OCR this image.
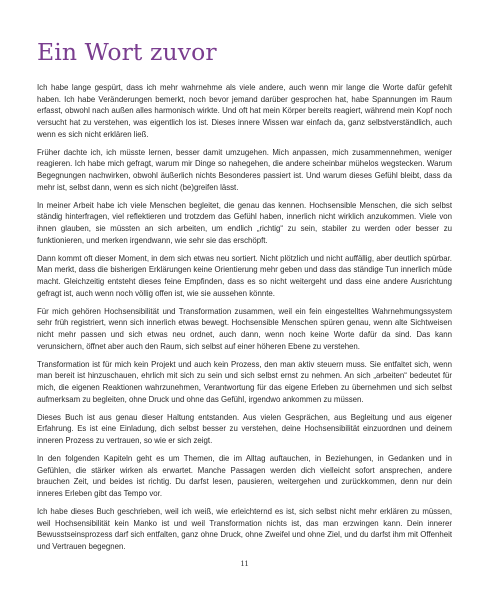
Ein Wort zuvor

Ich habe lange gespürt, dass ich mehr wahrnehme als viele andere, auch wenn mir lange die Worte dafür gefehlt haben. Ich habe Veränderungen bemerkt, noch bevor jemand darüber gesprochen hat, habe Spannungen im Raum erfasst, obwohl nach außen alles harmonisch wirkte. Und oft hat mein Körper bereits reagiert, während mein Kopf noch versucht hat zu verstehen, was eigentlich los ist. Dieses innere Wissen war einfach da, ganz selbstverständlich, auch wenn es sich nicht erklären ließ.

Früher dachte ich, ich müsste lernen, besser damit umzugehen. Mich anpassen, mich zusammennehmen, weniger reagieren. Ich habe mich gefragt, warum mir Dinge so nahegehen, die andere scheinbar mühelos wegstecken. Warum Begegnungen nachwirken, obwohl äußerlich nichts Besonderes passiert ist. Und warum dieses Gefühl bleibt, dass da mehr ist, selbst dann, wenn es sich nicht (be)greifen lässt.

In meiner Arbeit habe ich viele Menschen begleitet, die genau das kennen. Hochsensible Menschen, die sich selbst ständig hinterfragen, viel reflektieren und trotzdem das Gefühl haben, innerlich nicht wirklich anzukommen. Viele von ihnen glauben, sie müssten an sich arbeiten, um endlich „richtig“ zu sein, stabiler zu werden oder besser zu funktionieren, und merken irgendwann, wie sehr sie das erschöpft.

Dann kommt oft dieser Moment, in dem sich etwas neu sortiert. Nicht plötzlich und nicht auffällig, aber deutlich spürbar. Man merkt, dass die bisherigen Erklärungen keine Orientierung mehr geben und dass das ständige Tun innerlich müde macht. Gleichzeitig entsteht dieses feine Empfinden, dass es so nicht weitergeht und dass eine andere Ausrichtung gefragt ist, auch wenn noch völlig offen ist, wie sie aussehen könnte.

Für mich gehören Hochsensibilität und Transformation zusammen, weil ein fein eingestelltes Wahrnehmungssystem sehr früh registriert, wenn sich innerlich etwas bewegt. Hochsensible Menschen spüren genau, wenn alte Sichtweisen nicht mehr passen und sich etwas neu ordnet, auch dann, wenn noch keine Worte dafür da sind. Das kann verunsichern, öffnet aber auch den Raum, sich selbst auf einer höheren Ebene zu verstehen.

Transformation ist für mich kein Projekt und auch kein Prozess, den man aktiv steuern muss. Sie entfaltet sich, wenn man bereit ist hinzuschauen, ehrlich mit sich zu sein und sich selbst ernst zu nehmen. An sich „arbeiten“ bedeutet für mich, die eigenen Reaktionen wahrzunehmen, Verantwortung für das eigene Erleben zu übernehmen und sich selbst aufmerksam zu begleiten, ohne Druck und ohne das Gefühl, irgendwo ankommen zu müssen.

Dieses Buch ist aus genau dieser Haltung entstanden. Aus vielen Gesprächen, aus Begleitung und aus eigener Erfahrung. Es ist eine Einladung, dich selbst besser zu verstehen, deine Hochsensibilität einzuordnen und deinem inneren Prozess zu vertrauen, so wie er sich zeigt.

In den folgenden Kapiteln geht es um Themen, die im Alltag auftauchen, in Beziehungen, in Gedanken und in Gefühlen, die stärker wirken als erwartet. Manche Passagen werden dich vielleicht sofort ansprechen, andere brauchen Zeit, und beides ist richtig. Du darfst lesen, pausieren, weitergehen und zurückkommen, denn nur dein inneres Erleben gibt das Tempo vor.

Ich habe dieses Buch geschrieben, weil ich weiß, wie erleichternd es ist, sich selbst nicht mehr erklären zu müssen, weil Hochsensibilität kein Manko ist und weil Transformation nichts ist, das man erzwingen kann. Dein innerer Bewusstseinsprozess darf sich entfalten, ganz ohne Druck, ohne Zweifel und ohne Ziel, und du darfst ihm mit Offenheit und Vertrauen begegnen.

11
